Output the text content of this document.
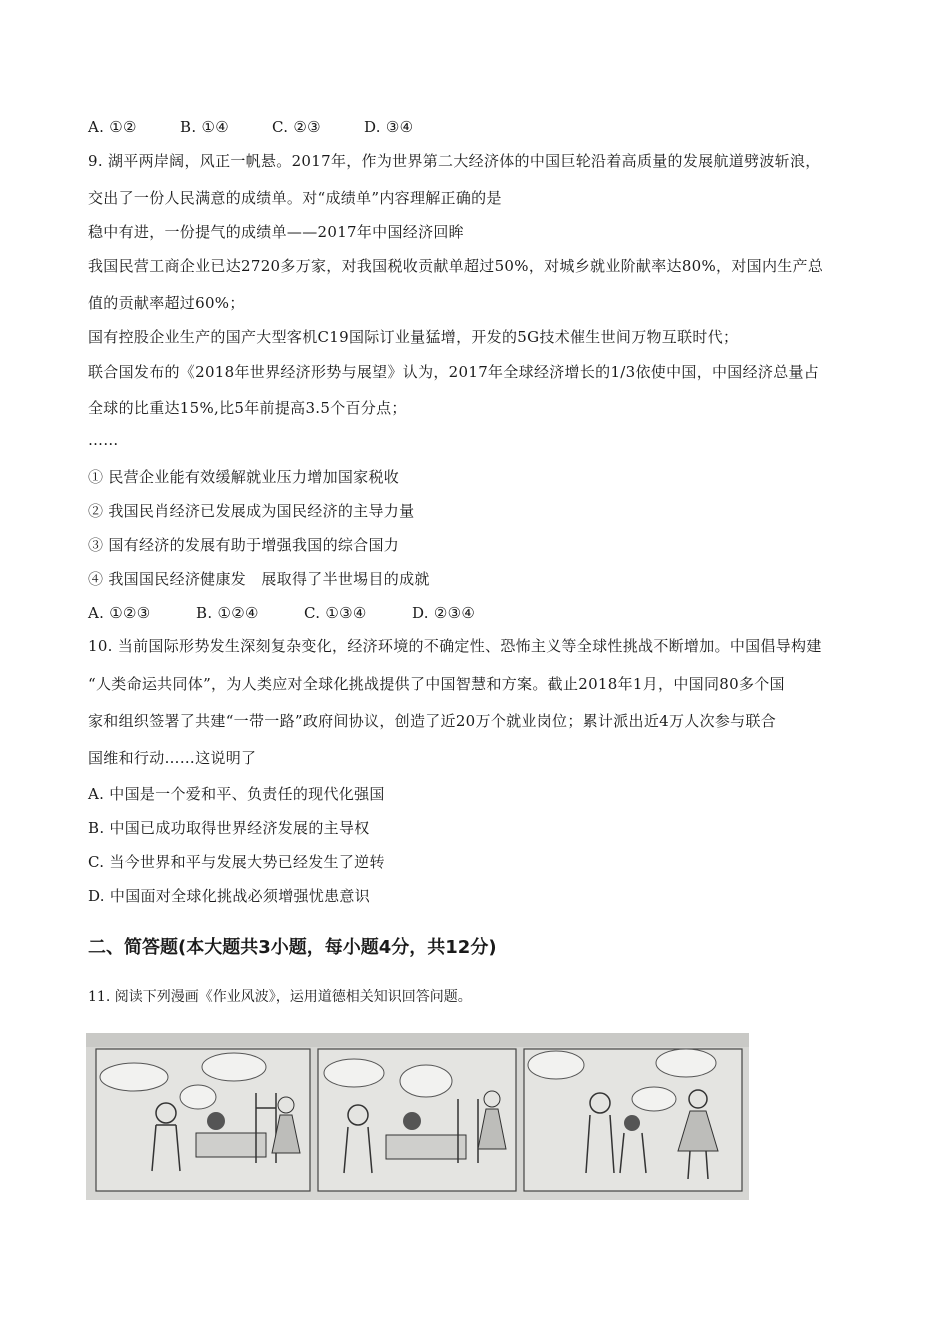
A. ①②	B. ①④	C. ②③	D. ③④
9. 湖平两岸阔，风正一帆悬。2017年，作为世界第二大经济体的中国巨轮沿着高质量的发展航道劈波斩浪，
交出了一份人民满意的成绩单。对“成绩单”内容理解正确的是
稳中有进，一份提气的成绩单——2017年中国经济回眸
我国民营工商企业已达2720多万家，对我国税收贡献单超过50%，对城乡就业阶献率达80%，对国内生产总
值的贡献率超过60%；
国有控股企业生产的国产大型客机C19国际订业量猛增，开发的5G技术催生世间万物互联时代；
联合国发布的《2018年世界经济形势与展望》认为，2017年全球经济增长的1/3依使中国，中国经济总量占
全球的比重达15%,比5年前提高3.5个百分点；
……
① 民营企业能有效缓解就业压力增加国家税收
② 我国民肖经济已发展成为国民经济的主导力量
③ 国有经济的发展有助于增强我国的综合国力
④ 我国国民经济健康发　展取得了半世埸目的成就
A. ①②③	B. ①②④	C. ①③④	D. ②③④
10. 当前国际形势发生深刻复杂变化，经济环境的不确定性、恐怖主义等全球性挑战不断增加。中国倡导构建
“人类命运共同体”，为人类应对全球化挑战提供了中国智慧和方案。截止2018年1月，中国同80多个国
家和组织签署了共建“一带一路”政府间协议，创造了近20万个就业岗位；累计派出近4万人次参与联合
国维和行动……这说明了
A. 中国是一个爱和平、负责任的现代化强国
B. 中国已成功取得世界经济发展的主导权
C. 当今世界和平与发展大势已经发生了逆转
D. 中国面对全球化挑战必须增强忧患意识
二、简答题(本大题共3小题，每小题4分，共12分)
11. 阅读下列漫画《作业风波》，运用道德相关知识回答问题。
